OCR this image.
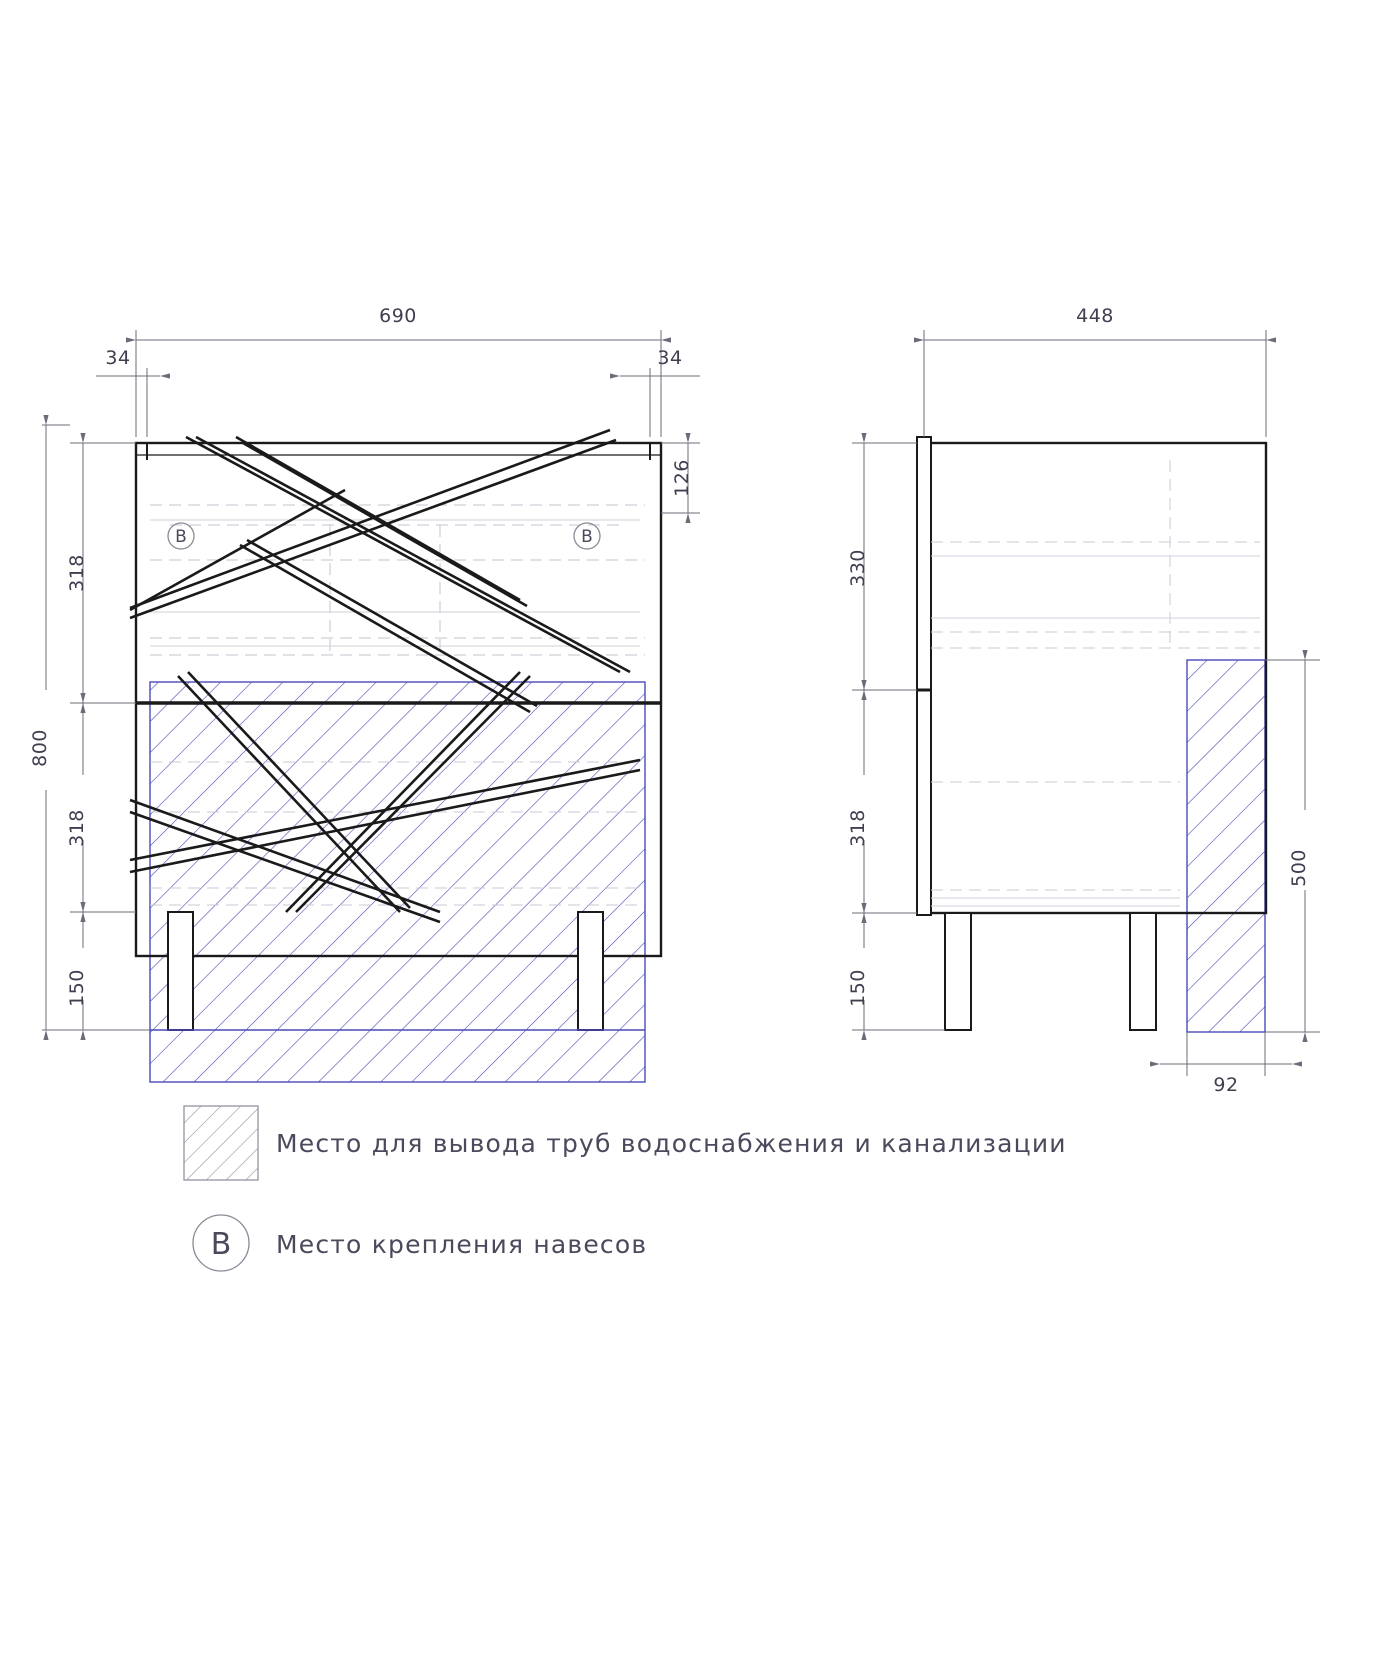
B	B
690
34	34
126
318
318
150
800
448
330
318
150
500
92
Место для вывода труб водоснабжения и канализации
B Место крепления навесов
